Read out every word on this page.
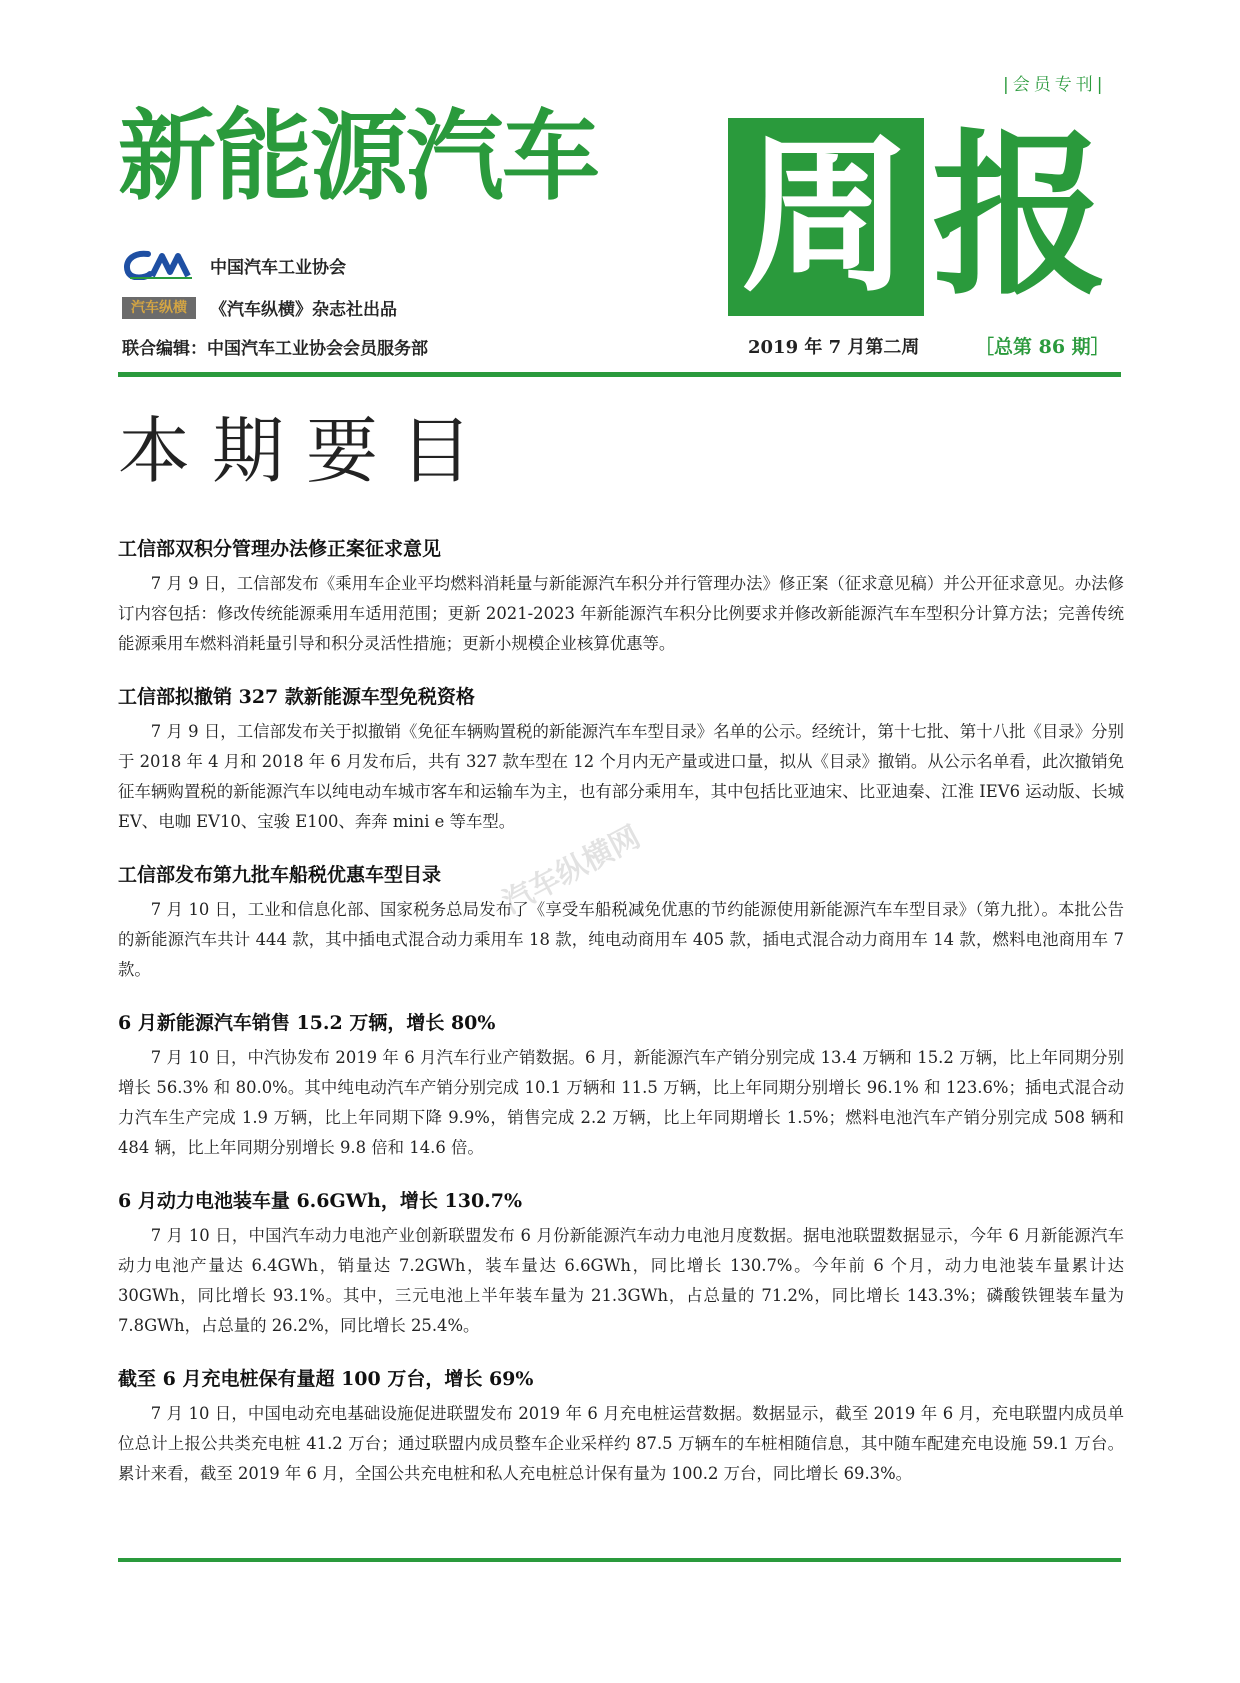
|会员专刊|
新能源汽车 周 报
中国汽车工业协会
汽车纵横	《汽车纵横》杂志社出品
联合编辑：中国汽车工业协会会员服务部	2019 年 7 月第二周	［总第 86 期］
本期要目
工信部双积分管理办法修正案征求意见

7 月 9 日，工信部发布《乘用车企业平均燃料消耗量与新能源汽车积分并行管理办法》修正案（征求意见稿）并公开征求意见。办法修订内容包括：修改传统能源乘用车适用范围；更新 2021-2023 年新能源汽车积分比例要求并修改新能源汽车车型积分计算方法；完善传统能源乘用车燃料消耗量引导和积分灵活性措施；更新小规模企业核算优惠等。

工信部拟撤销 327 款新能源车型免税资格

7 月 9 日，工信部发布关于拟撤销《免征车辆购置税的新能源汽车车型目录》名单的公示。经统计，第十七批、第十八批《目录》分别于 2018 年 4 月和 2018 年 6 月发布后，共有 327 款车型在 12 个月内无产量或进口量，拟从《目录》撤销。从公示名单看，此次撤销免征车辆购置税的新能源汽车以纯电动车城市客车和运输车为主，也有部分乘用车，其中包括比亚迪宋、比亚迪秦、江淮 IEV6 运动版、长城 EV、电咖 EV10、宝骏 E100、奔奔 mini e 等车型。

工信部发布第九批车船税优惠车型目录

7 月 10 日，工业和信息化部、国家税务总局发布了《享受车船税减免优惠的节约能源使用新能源汽车车型目录》（第九批）。本批公告的新能源汽车共计 444 款，其中插电式混合动力乘用车 18 款，纯电动商用车 405 款，插电式混合动力商用车 14 款，燃料电池商用车 7 款。

6 月新能源汽车销售 15.2 万辆，增长 80%

7 月 10 日，中汽协发布 2019 年 6 月汽车行业产销数据。6 月，新能源汽车产销分别完成 13.4 万辆和 15.2 万辆，比上年同期分别增长 56.3% 和 80.0%。其中纯电动汽车产销分别完成 10.1 万辆和 11.5 万辆，比上年同期分别增长 96.1% 和 123.6%；插电式混合动力汽车生产完成 1.9 万辆，比上年同期下降 9.9%，销售完成 2.2 万辆，比上年同期增长 1.5%；燃料电池汽车产销分别完成 508 辆和 484 辆，比上年同期分别增长 9.8 倍和 14.6 倍。

6 月动力电池装车量 6.6GWh，增长 130.7%

7 月 10 日，中国汽车动力电池产业创新联盟发布 6 月份新能源汽车动力电池月度数据。据电池联盟数据显示，今年 6 月新能源汽车动力电池产量达 6.4GWh，销量达 7.2GWh，装车量达 6.6GWh，同比增长 130.7%。今年前 6 个月，动力电池装车量累计达 30GWh，同比增长 93.1%。其中，三元电池上半年装车量为 21.3GWh，占总量的 71.2%，同比增长 143.3%；磷酸铁锂装车量为 7.8GWh，占总量的 26.2%，同比增长 25.4%。

截至 6 月充电桩保有量超 100 万台，增长 69%

7 月 10 日，中国电动充电基础设施促进联盟发布 2019 年 6 月充电桩运营数据。数据显示，截至 2019 年 6 月，充电联盟内成员单位总计上报公共类充电桩 41.2 万台；通过联盟内成员整车企业采样约 87.5 万辆车的车桩相随信息，其中随车配建充电设施 59.1 万台。累计来看，截至 2019 年 6 月，全国公共充电桩和私人充电桩总计保有量为 100.2 万台，同比增长 69.3%。

汽车纵横网
